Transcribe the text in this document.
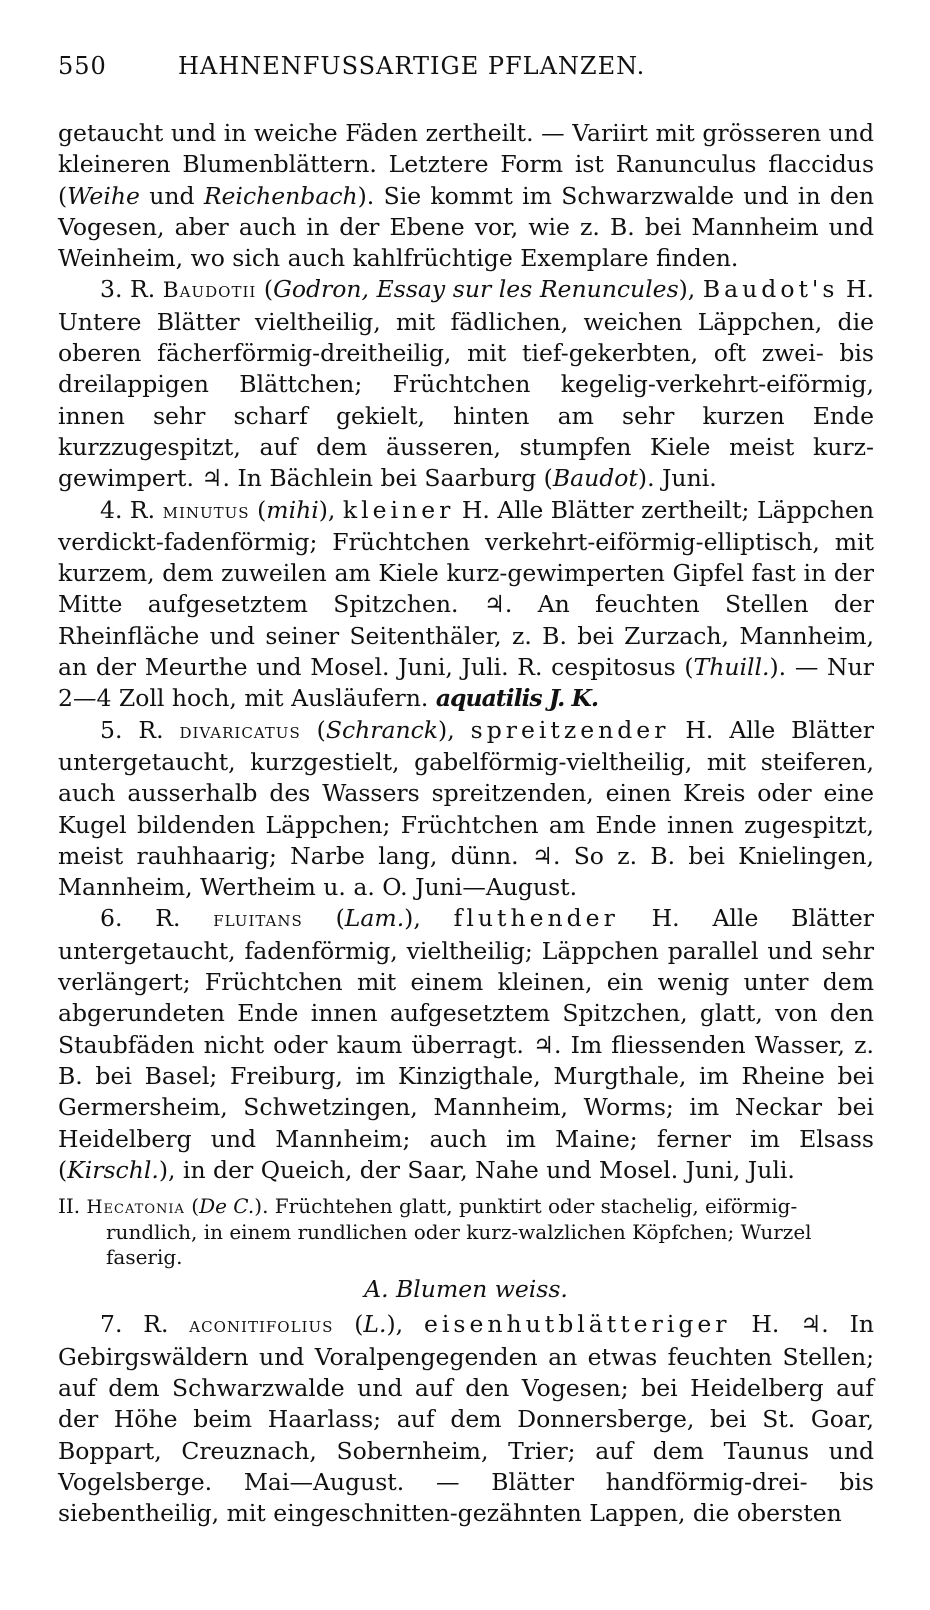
550	HAHNENFUSSARTIGE PFLANZEN.

getaucht und in weiche Fäden zertheilt. — Variirt mit grösseren und kleineren Blumenblättern. Letztere Form ist Ranunculus flaccidus (Weihe und Reichenbach). Sie kommt im Schwarzwalde und in den Vogesen, aber auch in der Ebene vor, wie z. B. bei Mannheim und Weinheim, wo sich auch kahlfrüchtige Exemplare finden.

3. R. Baudotii (Godron, Essay sur les Renuncules), Baudot's H. Untere Blätter vieltheilig, mit fädlichen, weichen Läppchen, die oberen fächerförmig-dreitheilig, mit tief-gekerbten, oft zwei- bis dreilappigen Blättchen; Früchtchen kegelig-verkehrt-eiförmig, innen sehr scharf gekielt, hinten am sehr kurzen Ende kurzzugespitzt, auf dem äusseren, stumpfen Kiele meist kurz-gewimpert. ♃. In Bächlein bei Saarburg (Baudot). Juni.

4. R. minutus (mihi), kleiner H. Alle Blätter zertheilt; Läppchen verdickt-fadenförmig; Früchtchen verkehrt-eiförmig-elliptisch, mit kurzem, dem zuweilen am Kiele kurz-gewimperten Gipfel fast in der Mitte aufgesetztem Spitzchen. ♃. An feuchten Stellen der Rheinfläche und seiner Seitenthäler, z. B. bei Zurzach, Mannheim, an der Meurthe und Mosel. Juni, Juli. R. cespitosus (Thuill.). — Nur 2—4 Zoll hoch, mit Ausläufern. aquatilis J. K.

5. R. divaricatus (Schranck), spreitzender H. Alle Blätter untergetaucht, kurzgestielt, gabelförmig-vieltheilig, mit steiferen, auch ausserhalb des Wassers spreitzenden, einen Kreis oder eine Kugel bildenden Läppchen; Früchtchen am Ende innen zugespitzt, meist rauhhaarig; Narbe lang, dünn. ♃. So z. B. bei Knielingen, Mannheim, Wertheim u. a. O. Juni—August.

6. R. fluitans (Lam.), fluthender H. Alle Blätter untergetaucht, fadenförmig, vieltheilig; Läppchen parallel und sehr verlängert; Früchtchen mit einem kleinen, ein wenig unter dem abgerundeten Ende innen aufgesetztem Spitzchen, glatt, von den Staubfäden nicht oder kaum überragt. ♃. Im fliessenden Wasser, z. B. bei Basel; Freiburg, im Kinzigthale, Murgthale, im Rheine bei Germersheim, Schwetzingen, Mannheim, Worms; im Neckar bei Heidelberg und Mannheim; auch im Maine; ferner im Elsass (Kirschl.), in der Queich, der Saar, Nahe und Mosel. Juni, Juli.

II. Hecatonia (De C.). Früchtehen glatt, punktirt oder stachelig, eiförmig-rundlich, in einem rundlichen oder kurz-walzlichen Köpfchen; Wurzel faserig.
A. Blumen weiss.

7. R. aconitifolius (L.), eisenhutblätteriger H. ♃. In Gebirgswäldern und Voralpengegenden an etwas feuchten Stellen; auf dem Schwarzwalde und auf den Vogesen; bei Heidelberg auf der Höhe beim Haarlass; auf dem Donnersberge, bei St. Goar, Boppart, Creuznach, Sobernheim, Trier; auf dem Taunus und Vogelsberge. Mai—August. — Blätter handförmig-drei- bis siebentheilig, mit eingeschnitten-gezähnten Lappen, die obersten
